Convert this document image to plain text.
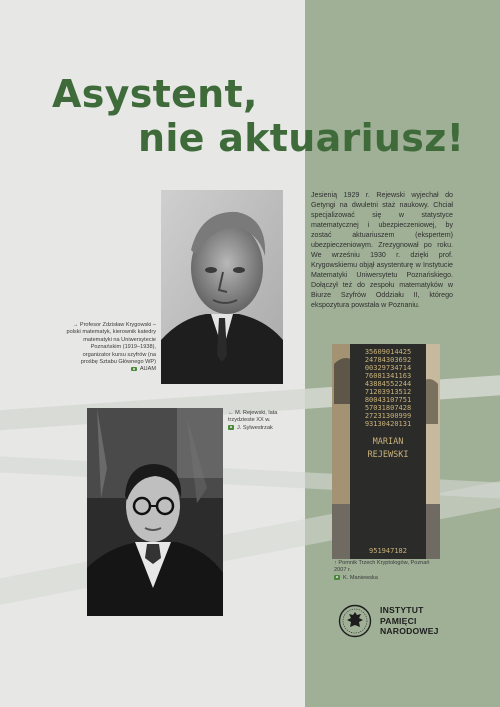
Asystent,
nie aktuariusz!

Jesienią 1929 r. Rejewski wyjechał do Getyngi na dwuletni staż naukowy. Chciał specjalizować się w statystyce matematycznej i ubezpieczeniowej, by zostać aktuariuszem (ekspertem) ubezpieczeniowym. Zrezygnował po roku. We wrześniu 1930 r. dzięki prof. Krygowskiemu objął asystenturę w Instytucie Matematyki Uniwersytetu Poznańskiego. Dołączył też do zespołu matematyków w Biurze Szyfrów Oddziału II, którego ekspozytura powstała w Poznaniu.

→ Profesor Zdzisław Krygowski – polski matematyk, kierownik katedry matematyki na Uniwersytecie Poznańskim (1919–1938), organizator kursu szyfrów (na prośbę Sztabu Głównego WP)
AUAM
← M. Rejewski, lata trzydzieste XX w.
J. Sylwestrzak
35609014425
24784303692
00329734714
76081341163
43884552244
71203913512
80043107751
57031807428
27231300999
93130420131
MARIAN
REJEWSKI
951947182
↑ Pomnik Trzech Kryptologów, Poznań 2007 r.
K. Maniewska
INSTYTUT
PAMIĘCI
NARODOWEJ
